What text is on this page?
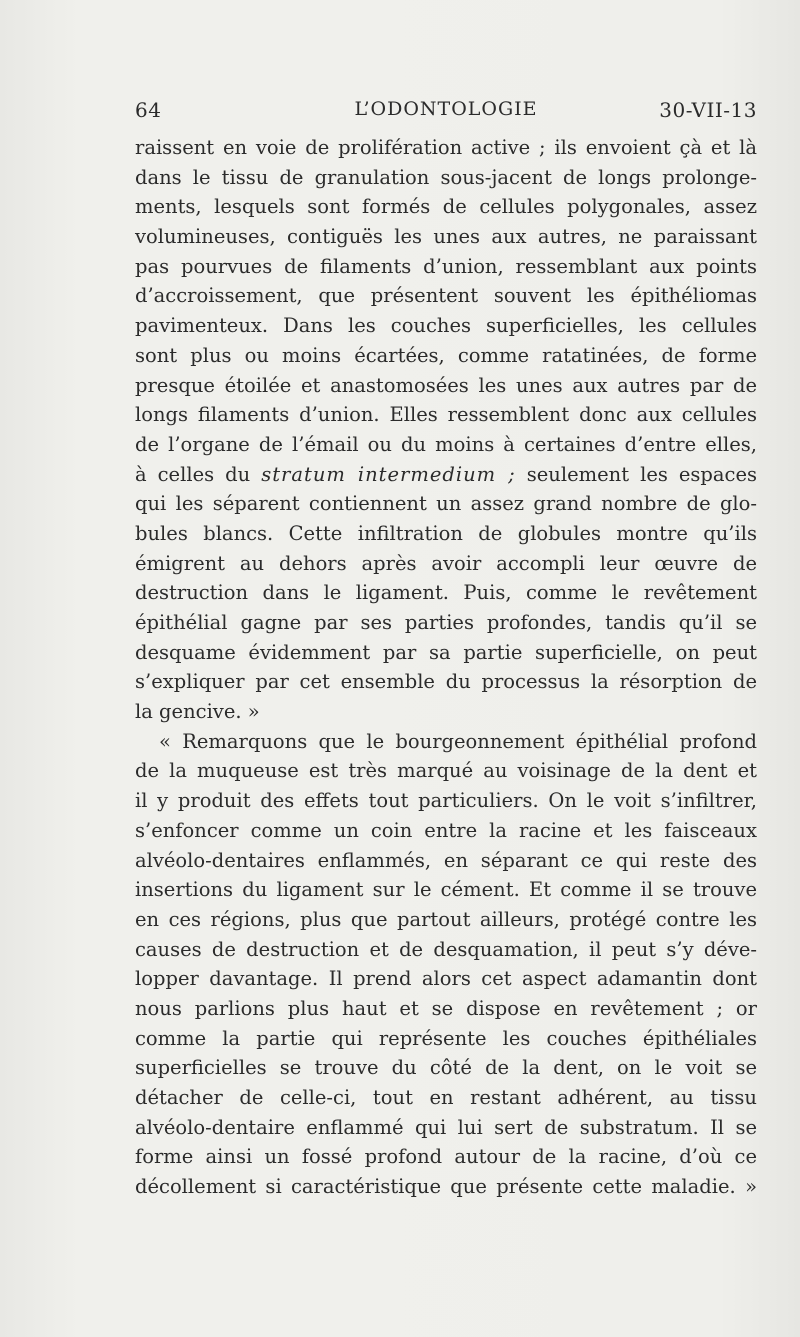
64	L’ODONTOLOGIE	30-VII-13
raissent en voie de prolifération active ; ils envoient çà et là
dans le tissu de granulation sous-jacent de longs prolonge-
ments, lesquels sont formés de cellules polygonales, assez
volumineuses, contiguës les unes aux autres, ne paraissant
pas pourvues de filaments d’union, ressemblant aux points
d’accroissement, que présentent souvent les épithéliomas
pavimenteux. Dans les couches superficielles, les cellules
sont plus ou moins écartées, comme ratatinées, de forme
presque étoilée et anastomosées les unes aux autres par de
longs filaments d’union. Elles ressemblent donc aux cellules
de l’organe de l’émail ou du moins à certaines d’entre elles,
à celles du stratum intermedium ; seulement les espaces
qui les séparent contiennent un assez grand nombre de glo-
bules blancs. Cette infiltration de globules montre qu’ils
émigrent au dehors après avoir accompli leur œuvre de
destruction dans le ligament. Puis, comme le revêtement
épithélial gagne par ses parties profondes, tandis qu’il se
desquame évidemment par sa partie superficielle, on peut
s’expliquer par cet ensemble du processus la résorption de
la gencive. »
« Remarquons que le bourgeonnement épithélial profond
de la muqueuse est très marqué au voisinage de la dent et
il y produit des effets tout particuliers. On le voit s’infiltrer,
s’enfoncer comme un coin entre la racine et les faisceaux
alvéolo-dentaires enflammés, en séparant ce qui reste des
insertions du ligament sur le cément. Et comme il se trouve
en ces régions, plus que partout ailleurs, protégé contre les
causes de destruction et de desquamation, il peut s’y déve-
lopper davantage. Il prend alors cet aspect adamantin dont
nous parlions plus haut et se dispose en revêtement ; or
comme la partie qui représente les couches épithéliales
superficielles se trouve du côté de la dent, on le voit se
détacher de celle-ci, tout en restant adhérent, au tissu
alvéolo-dentaire enflammé qui lui sert de substratum. Il se
forme ainsi un fossé profond autour de la racine, d’où ce
décollement si caractéristique que présente cette maladie. »
